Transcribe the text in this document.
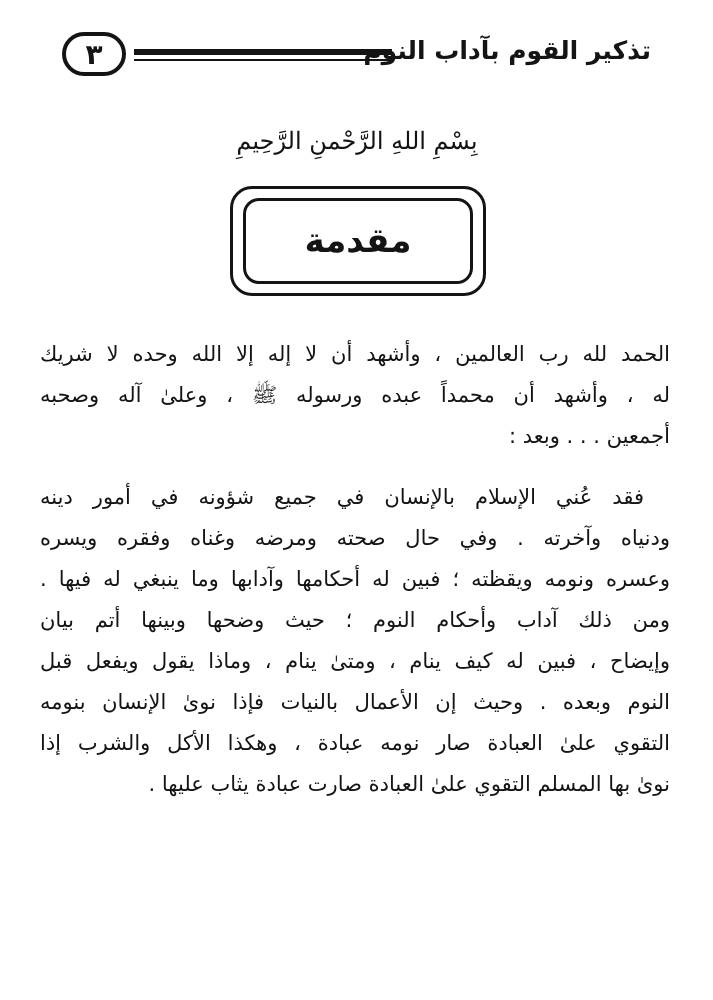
٣	تذكير القوم بآداب النوم
بِسْمِ اللهِ الرَّحْمنِ الرَّحِيمِ
مقدمة

الحمد لله رب العالمين ، وأشهد أن لا إله إلا الله وحده لا شريك
له ، وأشهد أن محمداً عبده ورسوله ﷺ ، وعلىٰ آله وصحبه
أجمعين . . . وبعد :

فقد عُني الإسلام بالإنسان في جميع شؤونه في أمور دينه
ودنياه وآخرته . وفي حال صحته ومرضه وغناه وفقره ويسره
وعسره ونومه ويقظته ؛ فبين له أحكامها وآدابها وما ينبغي له فيها .
ومن ذلك آداب وأحكام النوم ؛ حيث وضحها وبينها أتم بيان
وإيضاح ، فبين له كيف ينام ، ومتىٰ ينام ، وماذا يقول ويفعل قبل
النوم وبعده . وحيث إن الأعمال بالنيات فإذا نوىٰ الإنسان بنومه
التقوي علىٰ العبادة صار نومه عبادة ، وهكذا الأكل والشرب إذا
نوىٰ بها المسلم التقوي علىٰ العبادة صارت عبادة يثاب عليها .
